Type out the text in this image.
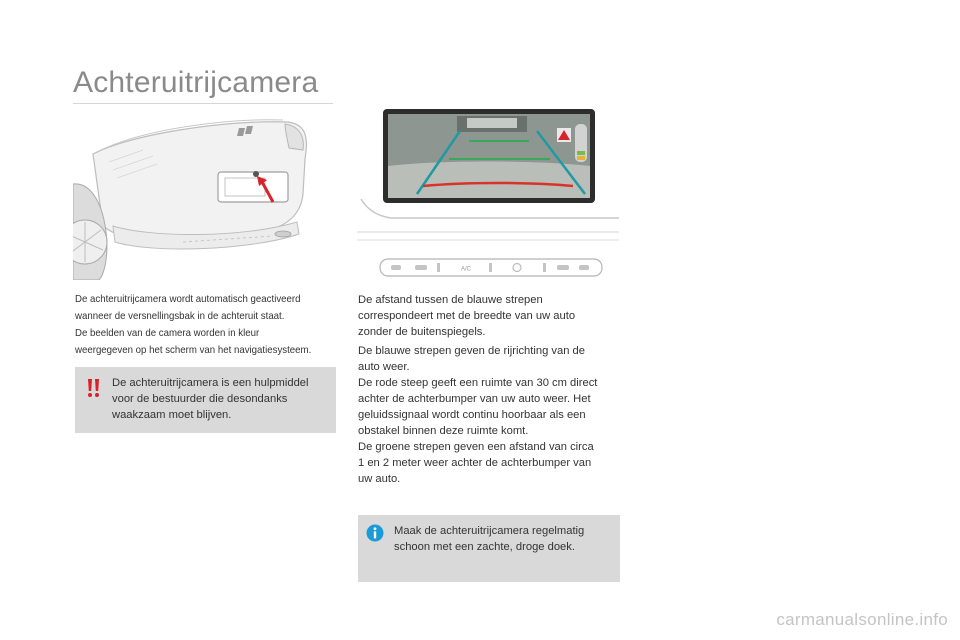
Achteruitrijcamera
A/C

De achteruitrijcamera wordt automatisch geactiveerd
wanneer de versnellingsbak in de achteruit staat.
De beelden van de camera worden in kleur
weergegeven op het scherm van het navigatiesysteem.

De achteruitrijcamera is een hulpmiddel
voor de bestuurder die desondanks
waakzaam moet blijven.

De afstand tussen de blauwe strepen
correspondeert met de breedte van uw auto
zonder de buitenspiegels.

De blauwe strepen geven de rijrichting van de
auto weer.
De rode steep geeft een ruimte van 30 cm direct
achter de achterbumper van uw auto weer. Het
geluidssignaal wordt continu hoorbaar als een
obstakel binnen deze ruimte komt.
De groene strepen geven een afstand van circa
1 en 2 meter weer achter de achterbumper van
uw auto.

Maak de achteruitrijcamera regelmatig
schoon met een zachte, droge doek.

carmanualsonline.info
